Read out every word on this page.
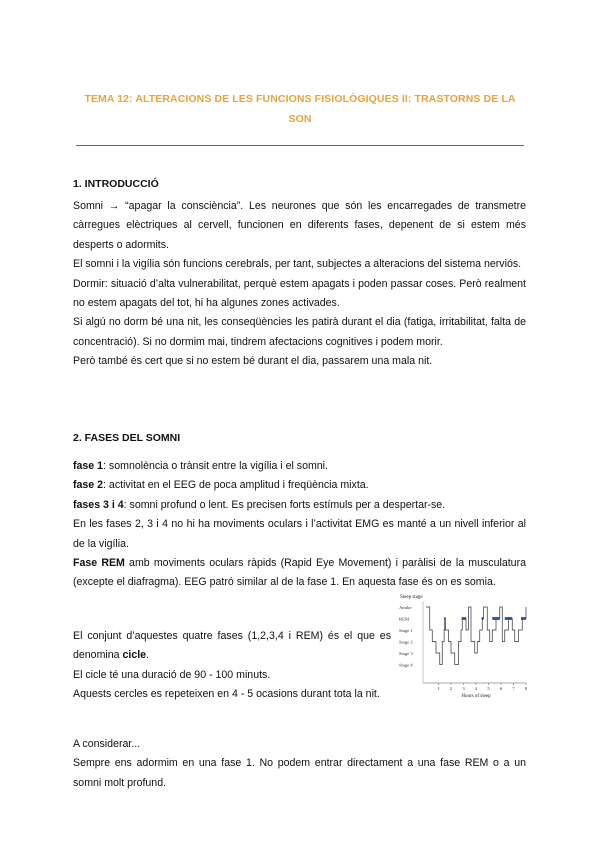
TEMA 12: ALTERACIONS DE LES FUNCIONS FISIOLÒGIQUES II: TRASTORNS DE LA SON
1. INTRODUCCIÓ

Somni → “apagar la consciència”. Les neurones que són les encarregades de transmetre càrregues elèctriques al cervell, funcionen en diferents fases, depenent de si estem més desperts o adormits.

El somni i la vigília són funcions cerebrals, per tant, subjectes a alteracions del sistema nerviós.

Dormir: situació d’alta vulnerabilitat, perquè estem apagats i poden passar coses. Però realment no estem apagats del tot, hi ha algunes zones activades.

Si algú no dorm bé una nit, les conseqüències les patirà durant el dia (fatiga, irritabilitat, falta de concentració). Si no dormim mai, tindrem afectacions cognitives i podem morir.

Però també és cert que si no estem bé durant el dia, passarem una mala nit.

2. FASES DEL SOMNI

fase 1: somnolència o trànsit entre la vigília i el somni.

fase 2: activitat en el EEG de poca amplitud i freqüència mixta.

fases 3 i 4: somni profund o lent. Es precisen forts estímuls per a despertar-se.

En les fases 2, 3 i 4 no hi ha moviments oculars i l’activitat EMG es manté a un nivell inferior al de la vigília.

Fase REM amb moviments oculars ràpids (Rapid Eye Movement) i paràlisi de la musculatura (excepte el diafragma). EEG patró similar al de la fase 1. En aquesta fase és on es somia.

El conjunt d’aquestes quatre fases (1,2,3,4 i REM) és el que es denomina cicle.

El cicle té una duració de 90 - 100 minuts.

Aquests cercles es repeteixen en 4 - 5 ocasions durant tota la nit.

A considerar...

Sempre ens adormim en una fase 1. No podem entrar directament a una fase REM o a un somni molt profund.

Sleep stage
Awake
REM
Stage 1
Stage 2
Stage 3
Stage 4
1 2 3 4 5 6 7 8
Hours of sleep
